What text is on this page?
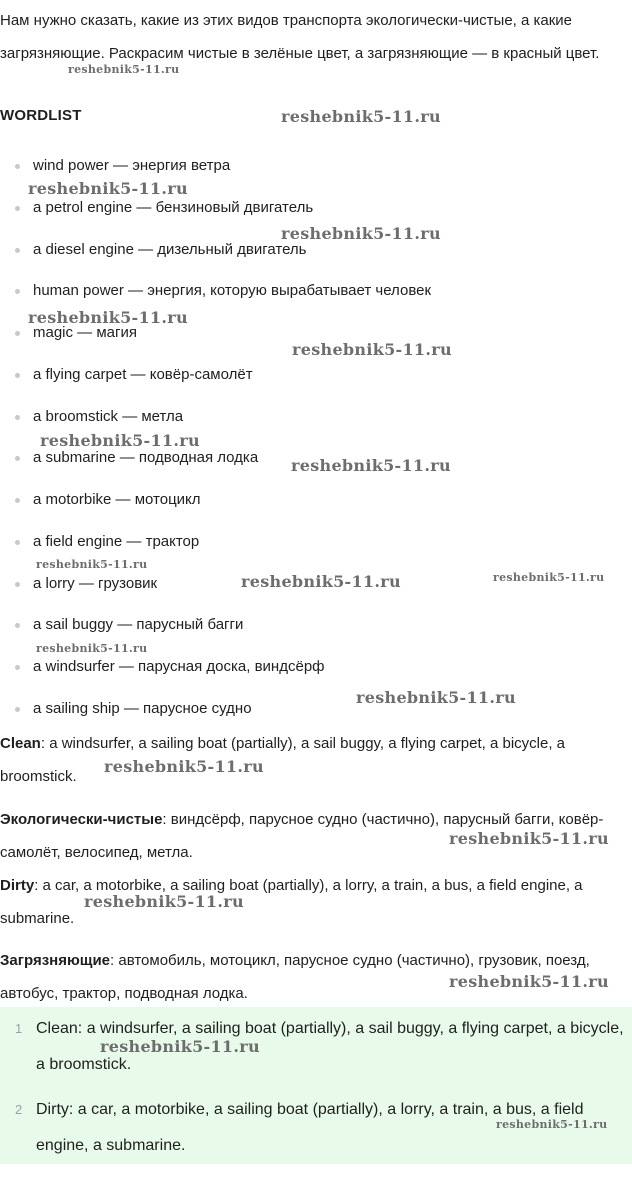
Нам нужно сказать, какие из этих видов транспорта экологически-чистые, а какие загрязняющие. Раскрасим чистые в зелёные цвет, а загрязняющие — в красный цвет.

WORDLIST
wind power — энергия ветра
a petrol engine — бензиновый двигатель
a diesel engine — дизельный двигатель
human power — энергия, которую вырабатывает человек
magic — магия
a flying carpet — ковёр-самолёт
a broomstick — метла
a submarine — подводная лодка
a motorbike — мотоцикл
a field engine — трактор
a lorry — грузовик
a sail buggy — парусный багги
a windsurfer — парусная доска, виндсёрф
a sailing ship — парусное судно

Clean: a windsurfer, a sailing boat (partially), a sail buggy, a flying carpet, a bicycle, a broomstick.

Экологически-чистые: виндсёрф, парусное судно (частично), парусный багги, ковёр-самолёт, велосипед, метла.

Dirty: a car, a motorbike, a sailing boat (partially), a lorry, a train, a bus, a field engine, a submarine.

Загрязняющие: автомобиль, мотоцикл, парусное судно (частично), грузовик, поезд, автобус, трактор, подводная лодка.

1 Clean: a windsurfer, a sailing boat (partially), a sail buggy, a flying carpet, a bicycle, a broomstick.
2 Dirty: a car, a motorbike, a sailing boat (partially), a lorry, a train, a bus, a field engine, a submarine.
reshebnik5-11.ru
reshebnik5-11.ru
reshebnik5-11.ru
reshebnik5-11.ru
reshebnik5-11.ru
reshebnik5-11.ru
reshebnik5-11.ru
reshebnik5-11.ru
reshebnik5-11.ru
reshebnik5-11.ru	reshebnik5-11.ru
reshebnik5-11.ru
reshebnik5-11.ru
reshebnik5-11.ru
reshebnik5-11.ru
reshebnik5-11.ru
reshebnik5-11.ru
reshebnik5-11.ru
reshebnik5-11.ru
